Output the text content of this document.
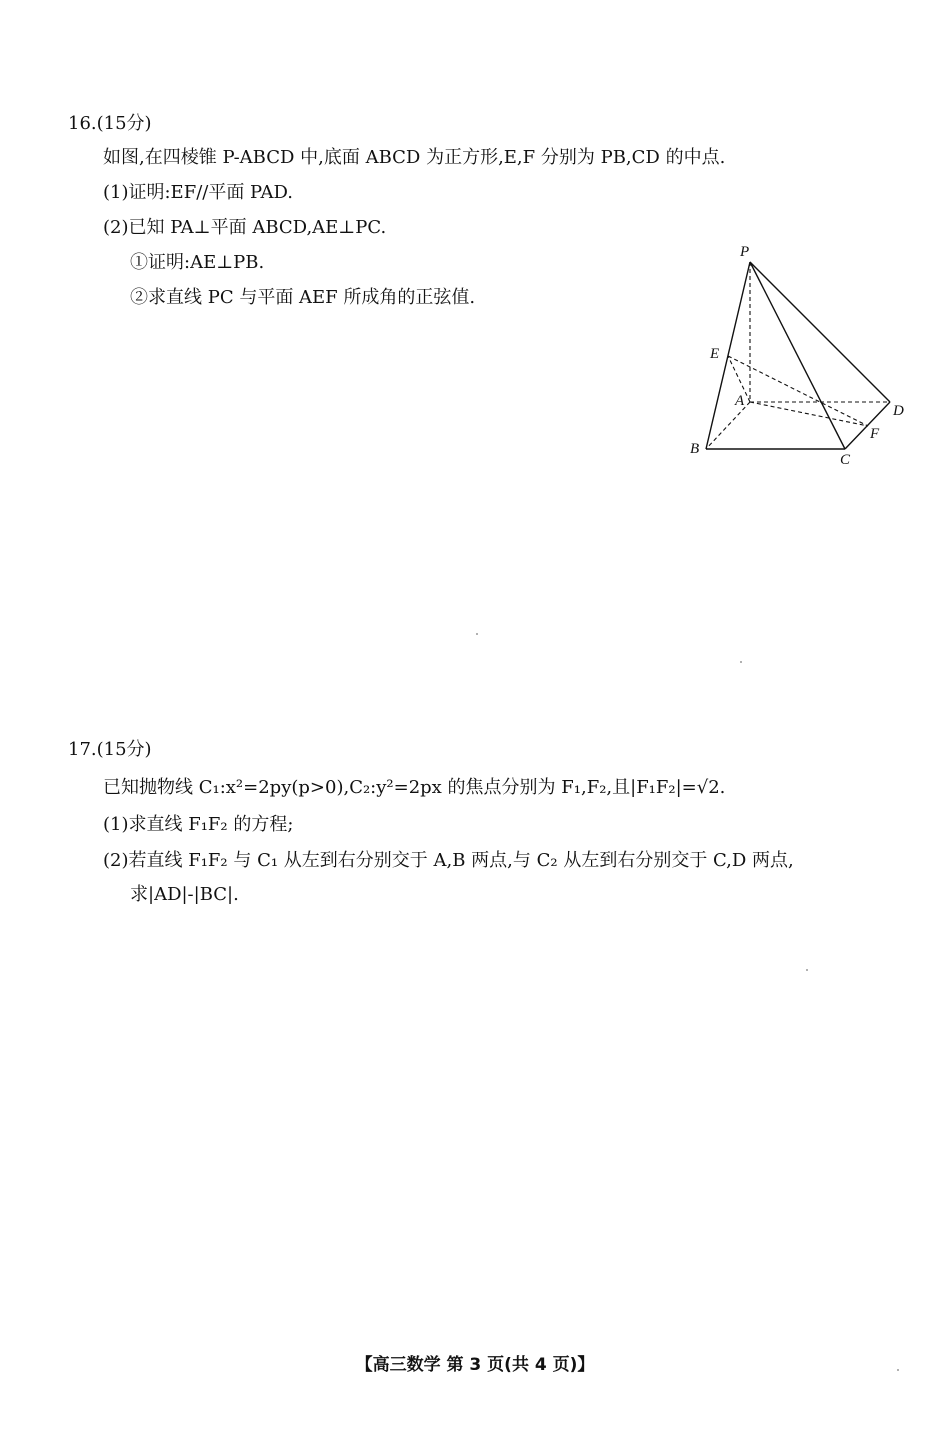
16.(15分)
如图,在四棱锥 P-ABCD 中,底面 ABCD 为正方形,E,F 分别为 PB,CD 的中点.
(1)证明:EF//平面 PAD.
(2)已知 PA⊥平面 ABCD,AE⊥PC.
①证明:AE⊥PB.
②求直线 PC 与平面 AEF 所成角的正弦值.
P
E
A
D
F
B
C
17.(15分)
已知抛物线 C₁:x²=2py(p>0),C₂:y²=2px 的焦点分别为 F₁,F₂,且|F₁F₂|=√2.
(1)求直线 F₁F₂ 的方程;
(2)若直线 F₁F₂ 与 C₁ 从左到右分别交于 A,B 两点,与 C₂ 从左到右分别交于 C,D 两点,
求|AD|-|BC|.
【高三数学 第 3 页(共 4 页)】
